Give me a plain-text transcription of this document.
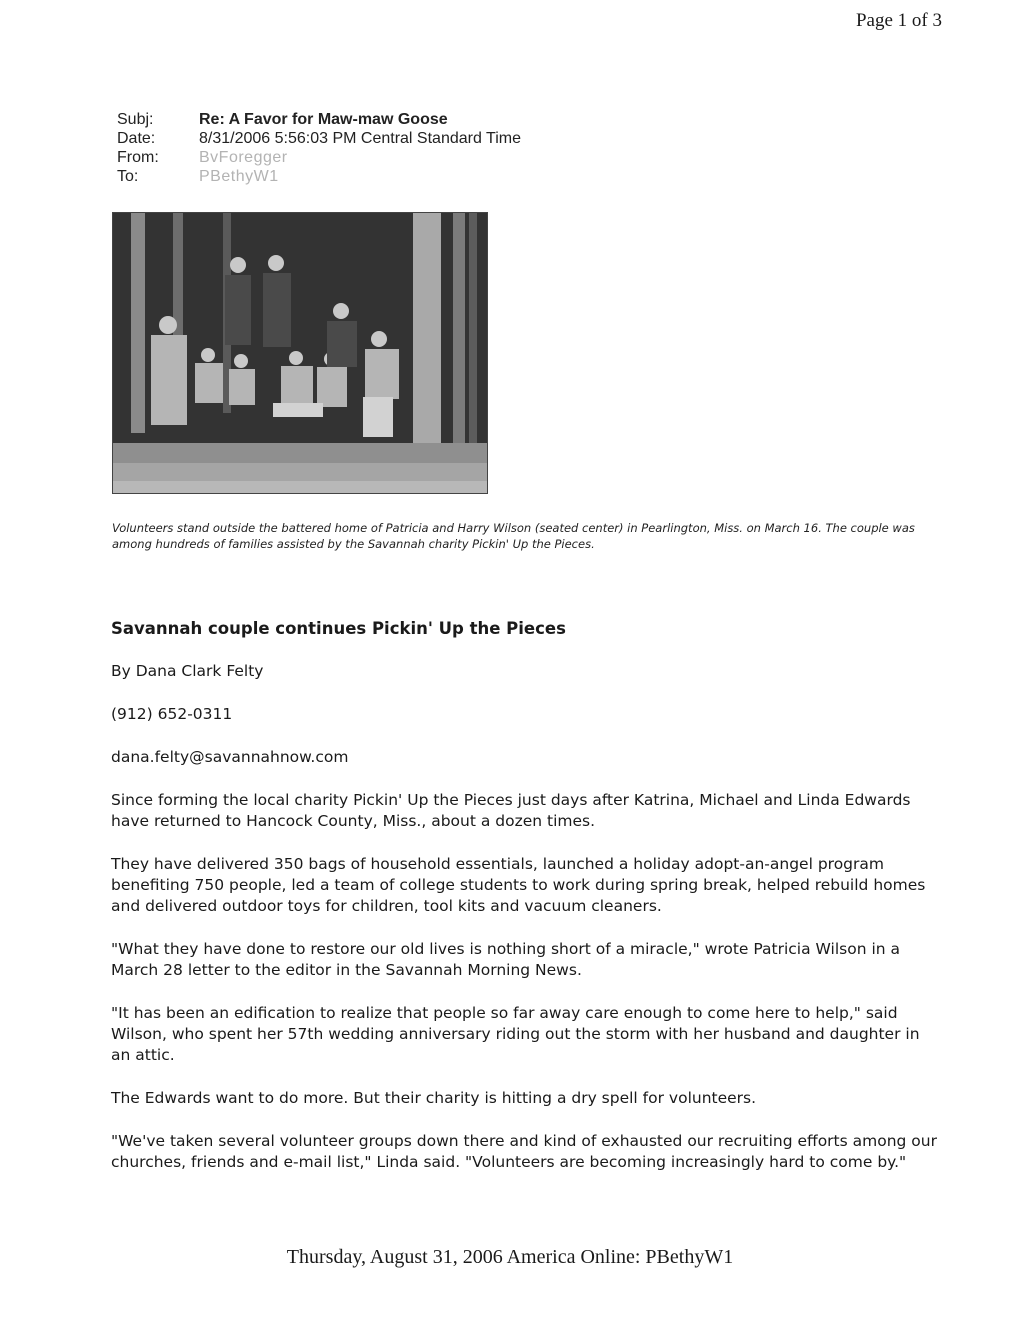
Page 1 of 3
Subj:	Re: A Favor for Maw-maw Goose
Date:	8/31/2006 5:56:03 PM Central Standard Time
From:	BvForegger
To:	PBethyW1
Volunteers stand outside the battered home of Patricia and Harry Wilson (seated center) in Pearlington, Miss. on March 16. The couple was among hundreds of families assisted by the Savannah charity Pickin' Up the Pieces.
Savannah couple continues Pickin' Up the Pieces

By Dana Clark Felty

(912) 652-0311

dana.felty@savannahnow.com

Since forming the local charity Pickin' Up the Pieces just days after Katrina, Michael and Linda Edwards have returned to Hancock County, Miss., about a dozen times.

They have delivered 350 bags of household essentials, launched a holiday adopt-an-angel program benefiting 750 people, led a team of college students to work during spring break, helped rebuild homes and delivered outdoor toys for children, tool kits and vacuum cleaners.

"What they have done to restore our old lives is nothing short of a miracle," wrote Patricia Wilson in a March 28 letter to the editor in the Savannah Morning News.

"It has been an edification to realize that people so far away care enough to come here to help," said Wilson, who spent her 57th wedding anniversary riding out the storm with her husband and daughter in an attic.

The Edwards want to do more. But their charity is hitting a dry spell for volunteers.

"We've taken several volunteer groups down there and kind of exhausted our recruiting efforts among our churches, friends and e-mail list," Linda said. "Volunteers are becoming increasingly hard to come by."

Thursday, August 31, 2006 America Online: PBethyW1
